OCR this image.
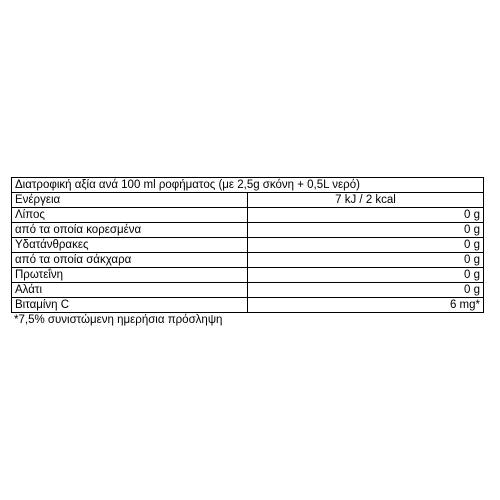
Διατροφική αξία ανά 100 ml ροφήματος (με 2,5g σκόνη + 0,5L νερό)	
Ενέργεια	7 kJ / 2 kcal
Λίπος	0 g
από τα οποία κορεσμένα	0 g
Υδατάνθρακες	0 g
από τα οποία σάκχαρα	0 g
Πρωτεΐνη	0 g
Αλάτι	0 g
Βιταμίνη C	6 mg*
*7,5% συνιστώμενη ημερήσια πρόσληψη
